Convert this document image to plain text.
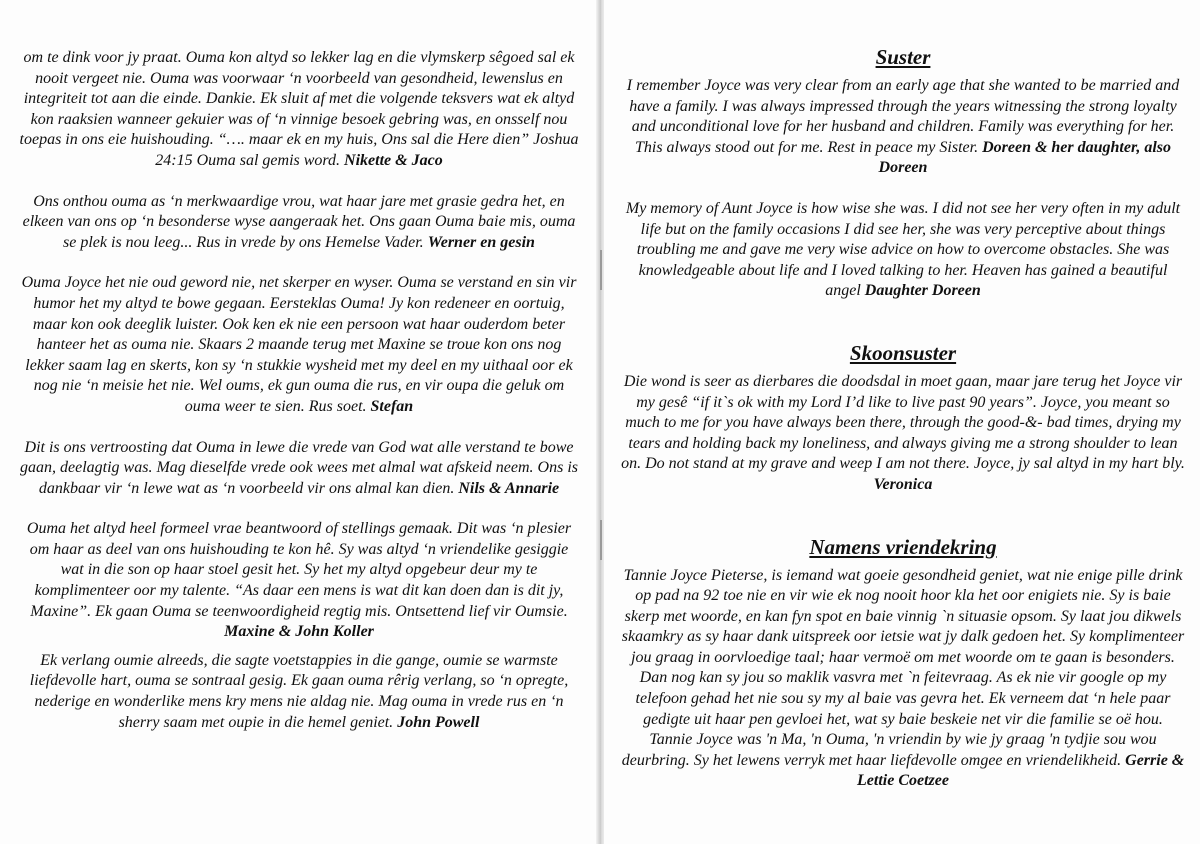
om te dink voor jy praat. Ouma kon altyd so lekker lag en die vlymskerp sêgoed sal ek nooit vergeet nie. Ouma was voorwaar ‘n voorbeeld van gesondheid, lewenslus en integriteit tot aan die einde. Dankie. Ek sluit af met die volgende teksvers wat ek altyd kon raaksien wanneer gekuier was of ‘n vinnige besoek gebring was, en onsself nou toepas in ons eie huishouding. “…. maar ek en my huis, Ons sal die Here dien” Joshua 24:15 Ouma sal gemis word. Nikette & Jaco

Ons onthou ouma as ‘n merkwaardige vrou, wat haar jare met grasie gedra het, en elkeen van ons op ‘n besonderse wyse aangeraak het. Ons gaan Ouma baie mis, ouma se plek is nou leeg... Rus in vrede by ons Hemelse Vader. Werner en gesin

Ouma Joyce het nie oud geword nie, net skerper en wyser. Ouma se verstand en sin vir humor het my altyd te bowe gegaan. Eersteklas Ouma! Jy kon redeneer en oortuig, maar kon ook deeglik luister. Ook ken ek nie een persoon wat haar ouderdom beter hanteer het as ouma nie. Skaars 2 maande terug met Maxine se troue kon ons nog lekker saam lag en skerts, kon sy ‘n stukkie wysheid met my deel en my uithaal oor ek nog nie ‘n meisie het nie. Wel oums, ek gun ouma die rus, en vir oupa die geluk om ouma weer te sien. Rus soet. Stefan

Dit is ons vertroosting dat Ouma in lewe die vrede van God wat alle verstand te bowe gaan, deelagtig was. Mag dieselfde vrede ook wees met almal wat afskeid neem. Ons is dankbaar vir ‘n lewe wat as ‘n voorbeeld vir ons almal kan dien. Nils & Annarie

Ouma het altyd heel formeel vrae beantwoord of stellings gemaak. Dit was ‘n plesier om haar as deel van ons huishouding te kon hê. Sy was altyd ‘n vriendelike gesiggie wat in die son op haar stoel gesit het. Sy het my altyd opgebeur deur my te komplimenteer oor my talente. “As daar een mens is wat dit kan doen dan is dit jy, Maxine”. Ek gaan Ouma se teenwoordigheid regtig mis. Ontsettend lief vir Oumsie.
Maxine & John Koller

Ek verlang oumie alreeds, die sagte voetstappies in die gange, oumie se warmste liefdevolle hart, ouma se sontraal gesig. Ek gaan ouma rêrig verlang, so ‘n opregte, nederige en wonderlike mens kry mens nie aldag nie. Mag ouma in vrede rus en ‘n sherry saam met oupie in die hemel geniet. John Powell

Suster

I remember Joyce was very clear from an early age that she wanted to be married and have a family. I was always impressed through the years witnessing the strong loyalty and unconditional love for her husband and children. Family was everything for her. This always stood out for me. Rest in peace my Sister. Doreen & her daughter, also Doreen

My memory of Aunt Joyce is how wise she was. I did not see her very often in my adult life but on the family occasions I did see her, she was very perceptive about things troubling me and gave me very wise advice on how to overcome obstacles. She was knowledgeable about life and I loved talking to her. Heaven has gained a beautiful angel Daughter Doreen

Skoonsuster

Die wond is seer as dierbares die doodsdal in moet gaan, maar jare terug het Joyce vir my gesê “if it`s ok with my Lord I’d like to live past 90 years”. Joyce, you meant so much to me for you have always been there, through the good-&- bad times, drying my tears and holding back my loneliness, and always giving me a strong shoulder to lean on. Do not stand at my grave and weep I am not there. Joyce, jy sal altyd in my hart bly. Veronica

Namens vriendekring

Tannie Joyce Pieterse, is iemand wat goeie gesondheid geniet, wat nie enige pille drink op pad na 92 toe nie en vir wie ek nog nooit hoor kla het oor enigiets nie. Sy is baie skerp met woorde, en kan fyn spot en baie vinnig `n situasie opsom. Sy laat jou dikwels skaamkry as sy haar dank uitspreek oor ietsie wat jy dalk gedoen het. Sy komplimenteer jou graag in oorvloedige taal; haar vermoë om met woorde om te gaan is besonders. Dan nog kan sy jou so maklik vasvra met `n feitevraag. As ek nie vir google op my telefoon gehad het nie sou sy my al baie vas gevra het. Ek verneem dat ‘n hele paar gedigte uit haar pen gevloei het, wat sy baie beskeie net vir die familie se oë hou. Tannie Joyce was 'n Ma, 'n Ouma, 'n vriendin by wie jy graag 'n tydjie sou wou deurbring. Sy het lewens verryk met haar liefdevolle omgee en vriendelikheid. Gerrie & Lettie Coetzee
